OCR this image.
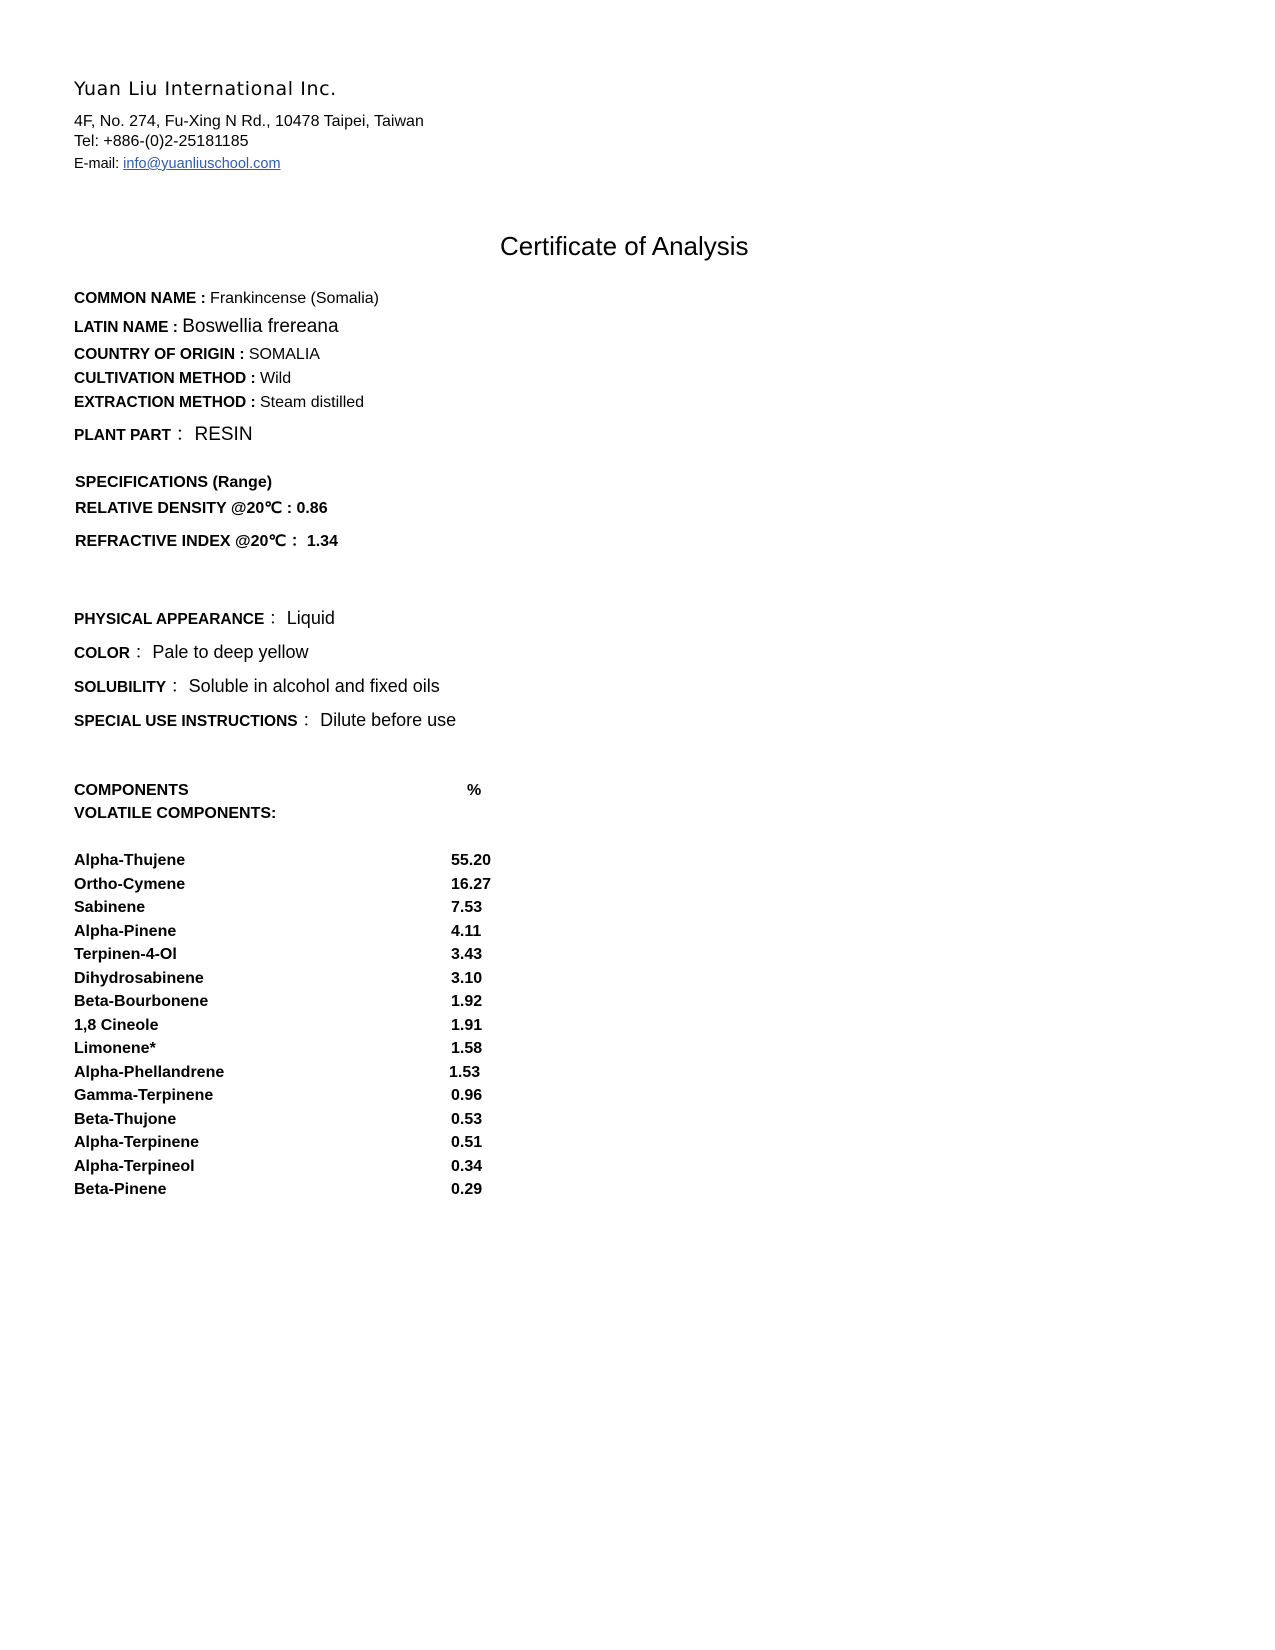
Yuan Liu International Inc.
4F, No. 274, Fu-Xing N Rd., 10478 Taipei, Taiwan
Tel: +886-(0)2-25181185
E-mail: info@yuanliuschool.com
Certificate of Analysis
COMMON NAME : Frankincense (Somalia)
LATIN NAME : Boswellia frereana
COUNTRY OF ORIGIN : SOMALIA
CULTIVATION METHOD : Wild
EXTRACTION METHOD : Steam distilled
PLANT PART ：RESIN
SPECIFICATIONS (Range)
RELATIVE DENSITY @20℃ : 0.86
REFRACTIVE INDEX @20℃ ：1.34
PHYSICAL APPEARANCE ：Liquid
COLOR ：Pale to deep yellow
SOLUBILITY ：Soluble in alcohol and fixed oils
SPECIAL USE INSTRUCTIONS ：Dilute before use
COMPONENTS	%
VOLATILE COMPONENTS:
Alpha-Thujene	55.20
Ortho-Cymene	16.27
Sabinene	7.53
Alpha-Pinene	4.11
Terpinen-4-Ol	3.43
Dihydrosabinene	3.10
Beta-Bourbonene	1.92
1,8 Cineole	1.91
Limonene*	1.58
Alpha-Phellandrene	1.53
Gamma-Terpinene	0.96
Beta-Thujone	0.53
Alpha-Terpinene	0.51
Alpha-Terpineol	0.34
Beta-Pinene	0.29
